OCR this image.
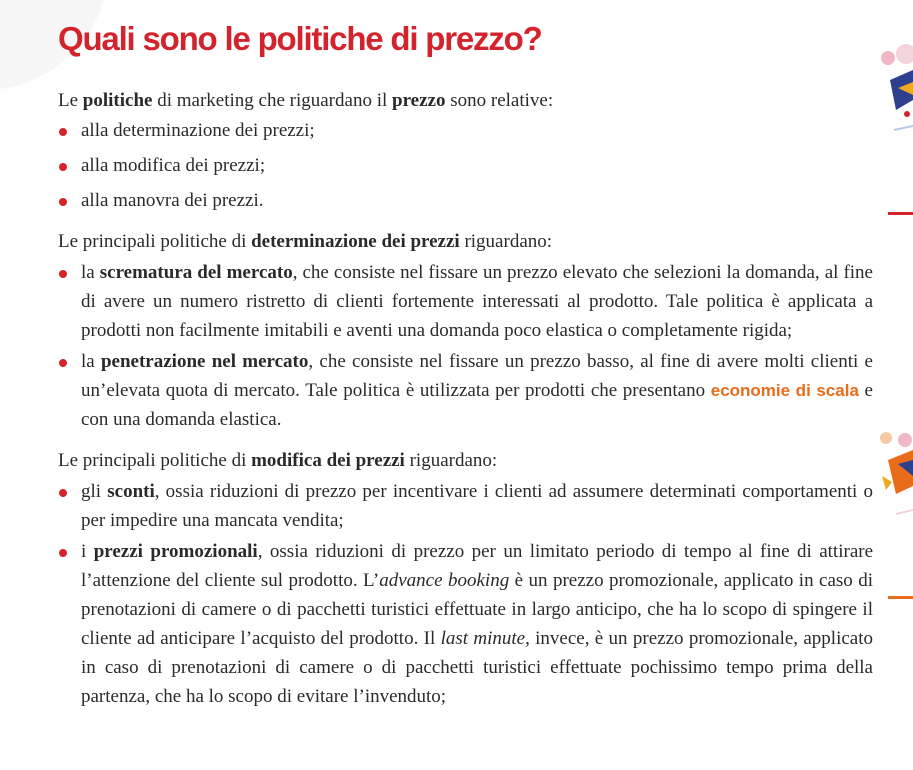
Quali sono le politiche di prezzo?

Le politiche di marketing che riguardano il prezzo sono relative:

alla determinazione dei prezzi;
alla modifica dei prezzi;
alla manovra dei prezzi.

Le principali politiche di determinazione dei prezzi riguardano:

la scrematura del mercato, che consiste nel fissare un prezzo elevato che selezioni la domanda, al fine di avere un numero ristretto di clienti fortemente interessati al prodotto. Tale politica è applicata a prodotti non facilmente imitabili e aventi una domanda poco elastica o completamente rigida;
la penetrazione nel mercato, che consiste nel fissare un prezzo basso, al fine di avere molti clienti e un’elevata quota di mercato. Tale politica è utilizzata per prodotti che presentano economie di scala e con una domanda elastica.

Le principali politiche di modifica dei prezzi riguardano:

gli sconti, ossia riduzioni di prezzo per incentivare i clienti ad assumere determinati comportamenti o per impedire una mancata vendita;
i prezzi promozionali, ossia riduzioni di prezzo per un limitato periodo di tempo al fine di attirare l’attenzione del cliente sul prodotto. L’advance booking è un prezzo promozionale, applicato in caso di prenotazioni di camere o di pacchetti turistici effettuate in largo anticipo, che ha lo scopo di spingere il cliente ad anticipare l’acquisto del prodotto. Il last minute, invece, è un prezzo promozionale, applicato in caso di prenotazioni di camere o di pacchetti turistici effettuate pochissimo tempo prima della partenza, che ha lo scopo di evitare l’invenduto;
